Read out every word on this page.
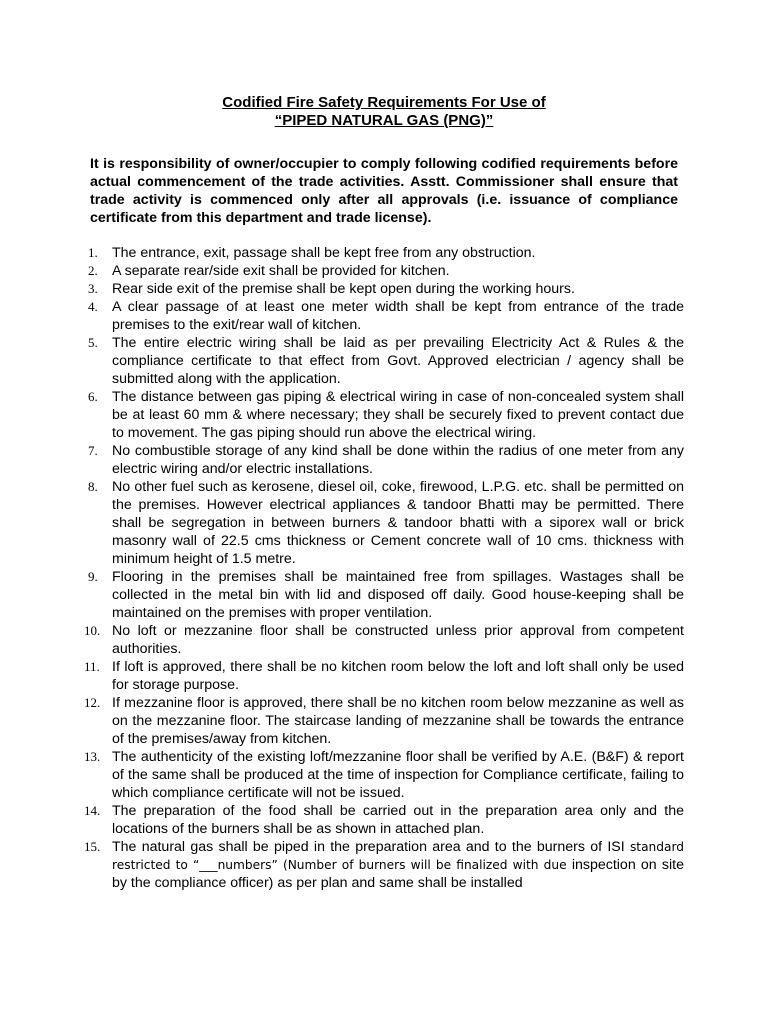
Codified Fire Safety Requirements For Use of
“PIPED NATURAL GAS (PNG)”
It is responsibility of owner/occupier to comply following codified requirements before actual commencement of the trade activities. Asstt. Commissioner shall ensure that trade activity is commenced only after all approvals (i.e. issuance of compliance certificate from this department and trade license).
1.	The entrance, exit, passage shall be kept free from any obstruction.
2.	A separate rear/side exit shall be provided for kitchen.
3.	Rear side exit of the premise shall be kept open during the working hours.
4.	A clear passage of at least one meter width shall be kept from entrance of the trade premises to the exit/rear wall of kitchen.
5.	The entire electric wiring shall be laid as per prevailing Electricity Act & Rules & the compliance certificate to that effect from Govt. Approved electrician / agency shall be submitted along with the application.
6.	The distance between gas piping & electrical wiring in case of non-concealed system shall be at least 60 mm & where necessary; they shall be securely fixed to prevent contact due to movement. The gas piping should run above the electrical wiring.
7.	No combustible storage of any kind shall be done within the radius of one meter from any electric wiring and/or electric installations.
8.	No other fuel such as kerosene, diesel oil, coke, firewood, L.P.G. etc. shall be permitted on the premises. However electrical appliances & tandoor Bhatti may be permitted. There shall be segregation in between burners & tandoor bhatti with a siporex wall or brick masonry wall of 22.5 cms thickness or Cement concrete wall of 10 cms. thickness with minimum height of 1.5 metre.
9.	Flooring in the premises shall be maintained free from spillages. Wastages shall be collected in the metal bin with lid and disposed off daily. Good house-keeping shall be maintained on the premises with proper ventilation.
10. No loft or mezzanine floor shall be constructed unless prior approval from competent authorities.
11. If loft is approved, there shall be no kitchen room below the loft and loft shall only be used for storage purpose.
12. If mezzanine floor is approved, there shall be no kitchen room below mezzanine as well as on the mezzanine floor. The staircase landing of mezzanine shall be towards the entrance of the premises/away from kitchen.
13. The authenticity of the existing loft/mezzanine floor shall be verified by A.E. (B&F) & report of the same shall be produced at the time of inspection for Compliance certificate, failing to which compliance certificate will not be issued.
14. The preparation of the food shall be carried out in the preparation area only and the locations of the burners shall be as shown in attached plan.
15. The natural gas shall be piped in the preparation area and to the burners of ISI standard restricted to “___numbers” (Number of burners will be finalized with due inspection on site by the compliance officer) as per plan and same shall be installed
